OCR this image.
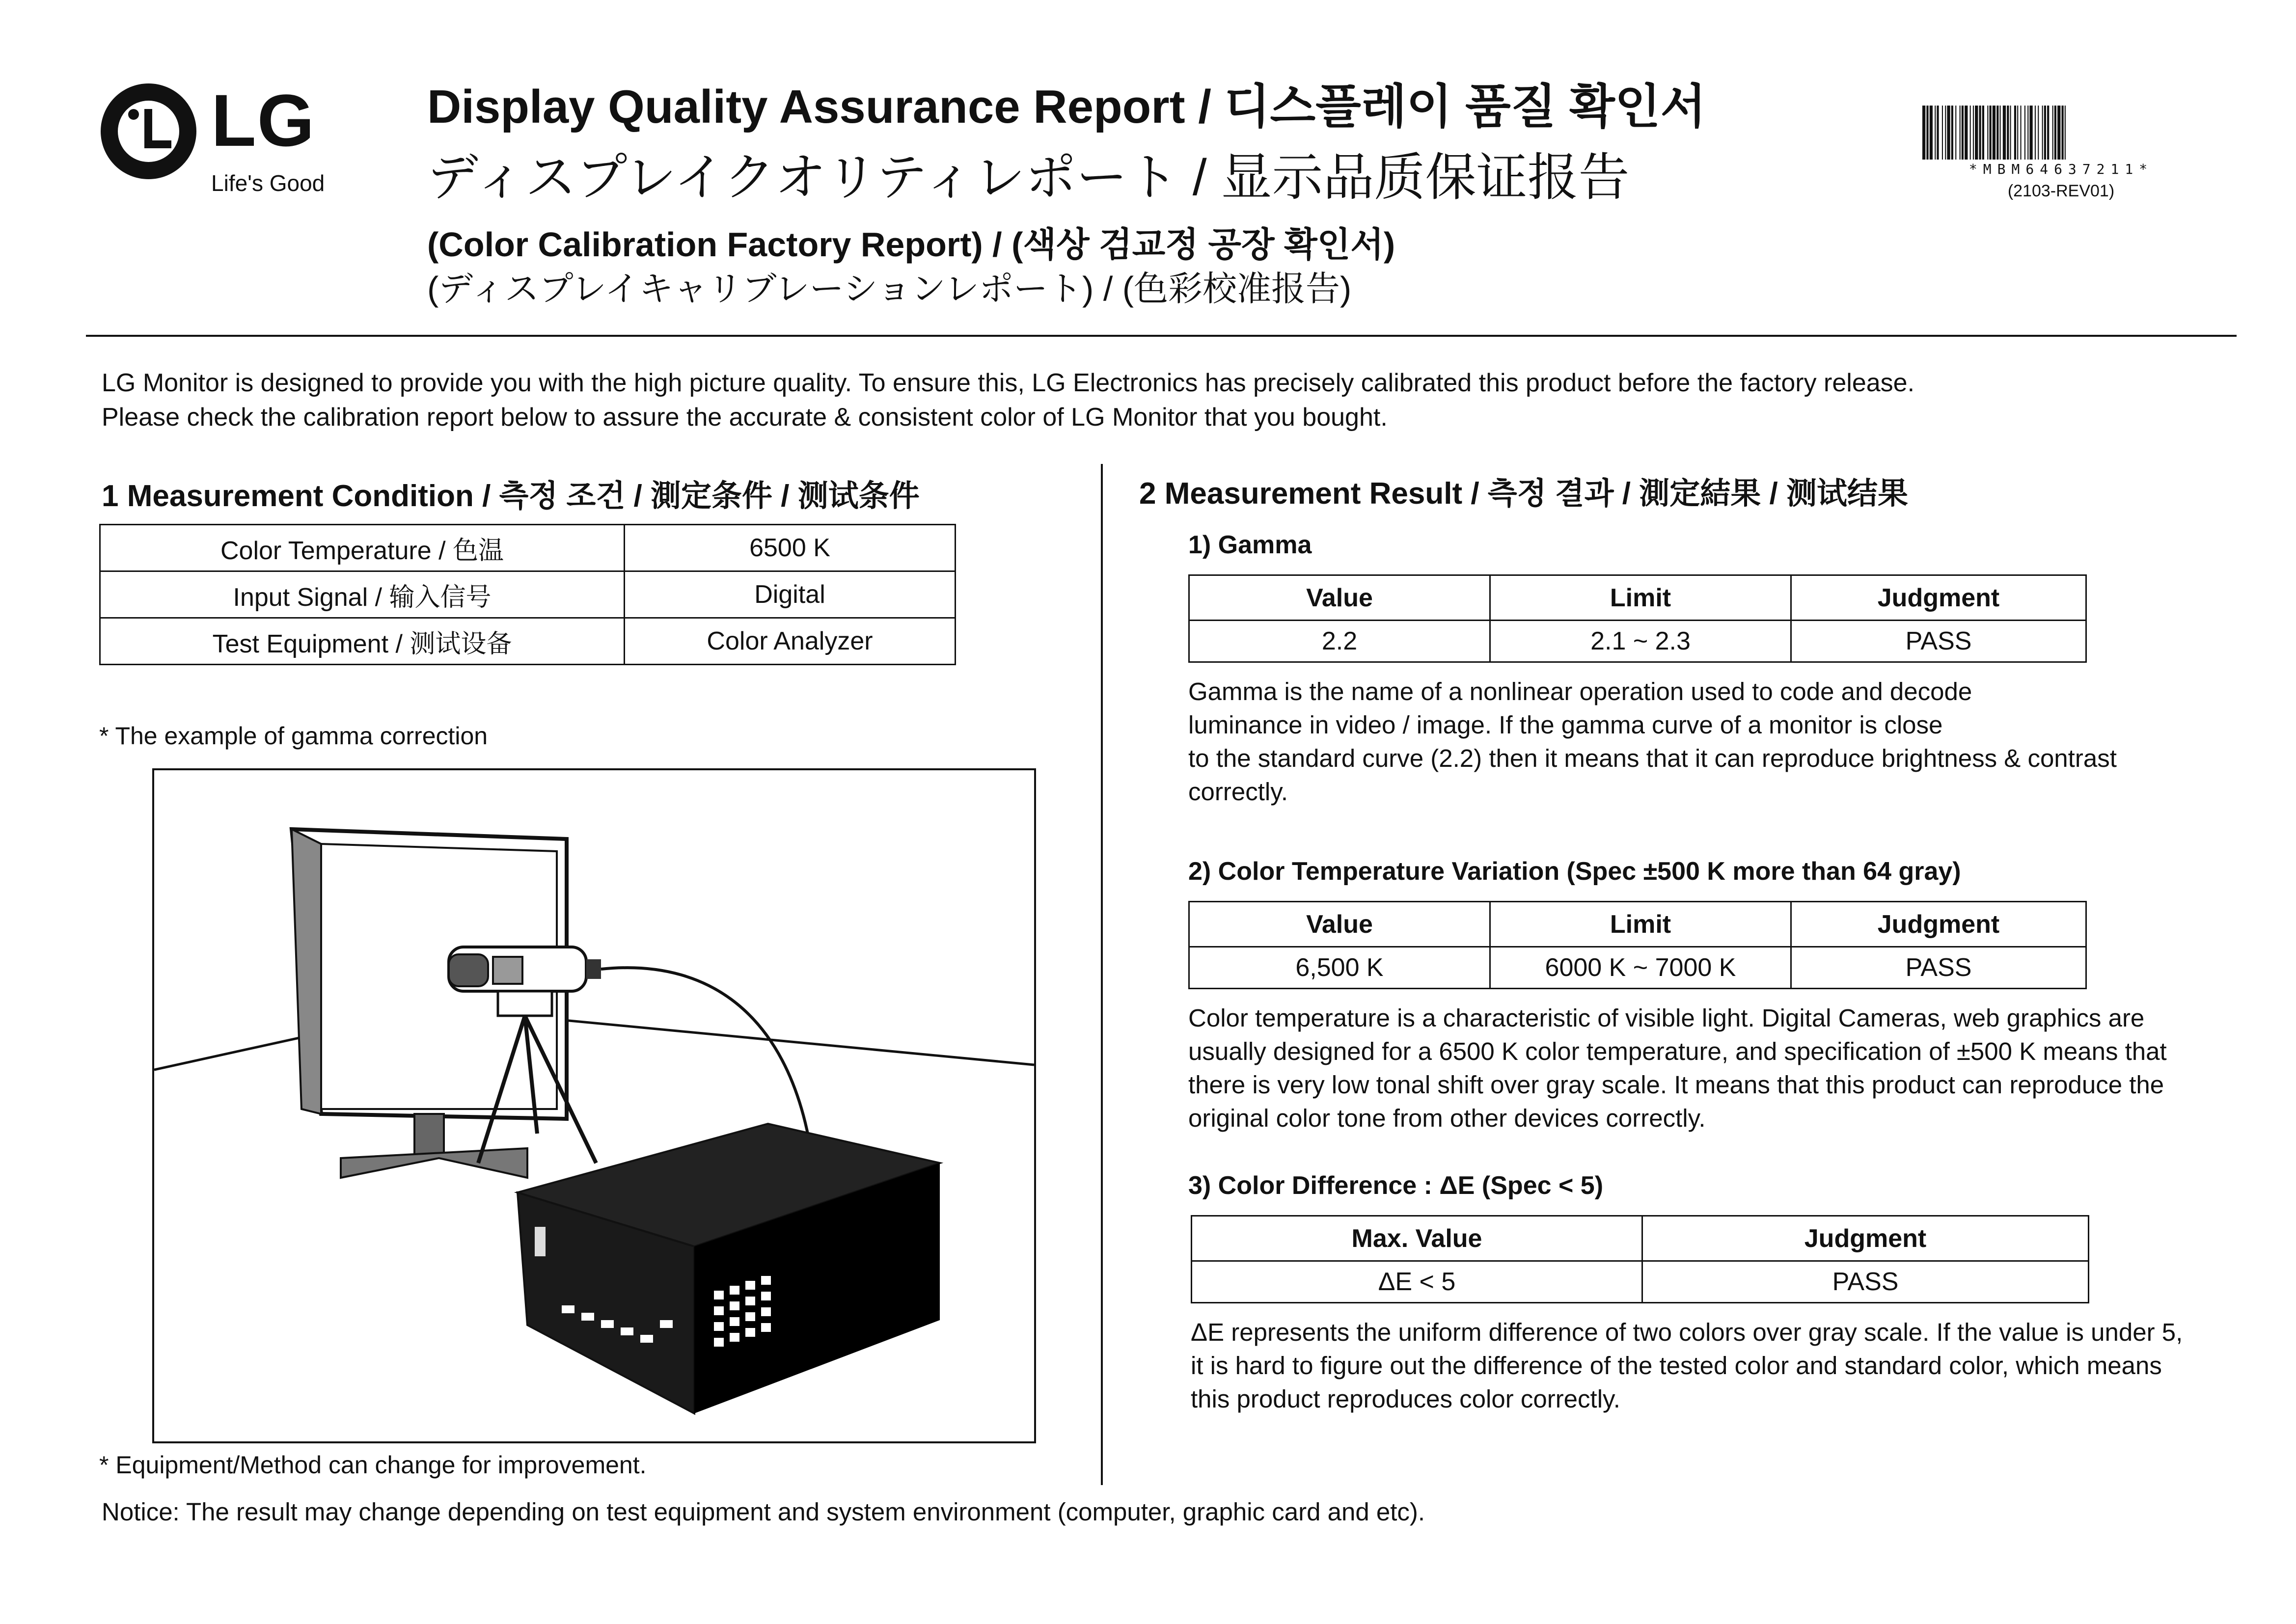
LG
Life's Good
Display Quality Assurance Report / 디스플레이 품질 확인서
ディスプレイクオリティレポート / 显示品质保证报告
(Color Calibration Factory Report) / (색상 검교정 공장 확인서)
(ディスプレイキャリブレーションレポート) / (色彩校准报告)
*MBM64637211*
(2103-REV01)
LG Monitor is designed to provide you with the high picture quality. To ensure this, LG Electronics has precisely calibrated this product before the factory release.
Please check the calibration report below to assure the accurate & consistent color of LG Monitor that you bought.
1 Measurement Condition / 측정 조건 / 測定条件 / 测试条件
Color Temperature / 色温	6500 K
Input Signal / 输入信号	Digital
Test Equipment / 测试设备	Color Analyzer
* The example of gamma correction
* Equipment/Method can change for improvement.
Notice: The result may change depending on test equipment and system environment (computer, graphic card and etc).
2 Measurement Result / 측정 결과 / 測定結果 / 测试结果
1) Gamma
Value	Limit	Judgment
2.2	2.1 ~ 2.3	PASS
Gamma is the name of a nonlinear operation used to code and decode
luminance in video / image. If the gamma curve of a monitor is close
to the standard curve (2.2) then it means that it can reproduce brightness & contrast
correctly.
2) Color Temperature Variation (Spec ±500 K more than 64 gray)
Value	Limit	Judgment
6,500 K	6000 K ~ 7000 K	PASS
Color temperature is a characteristic of visible light. Digital Cameras, web graphics are
usually designed for a 6500 K color temperature, and specification of ±500 K means that
there is very low tonal shift over gray scale. It means that this product can reproduce the
original color tone from other devices correctly.
3) Color Difference : ΔE (Spec < 5)
Max. Value	Judgment
ΔE < 5	PASS
ΔE represents the uniform difference of two colors over gray scale. If the value is under 5,
it is hard to figure out the difference of the tested color and standard color, which means
this product reproduces color correctly.
